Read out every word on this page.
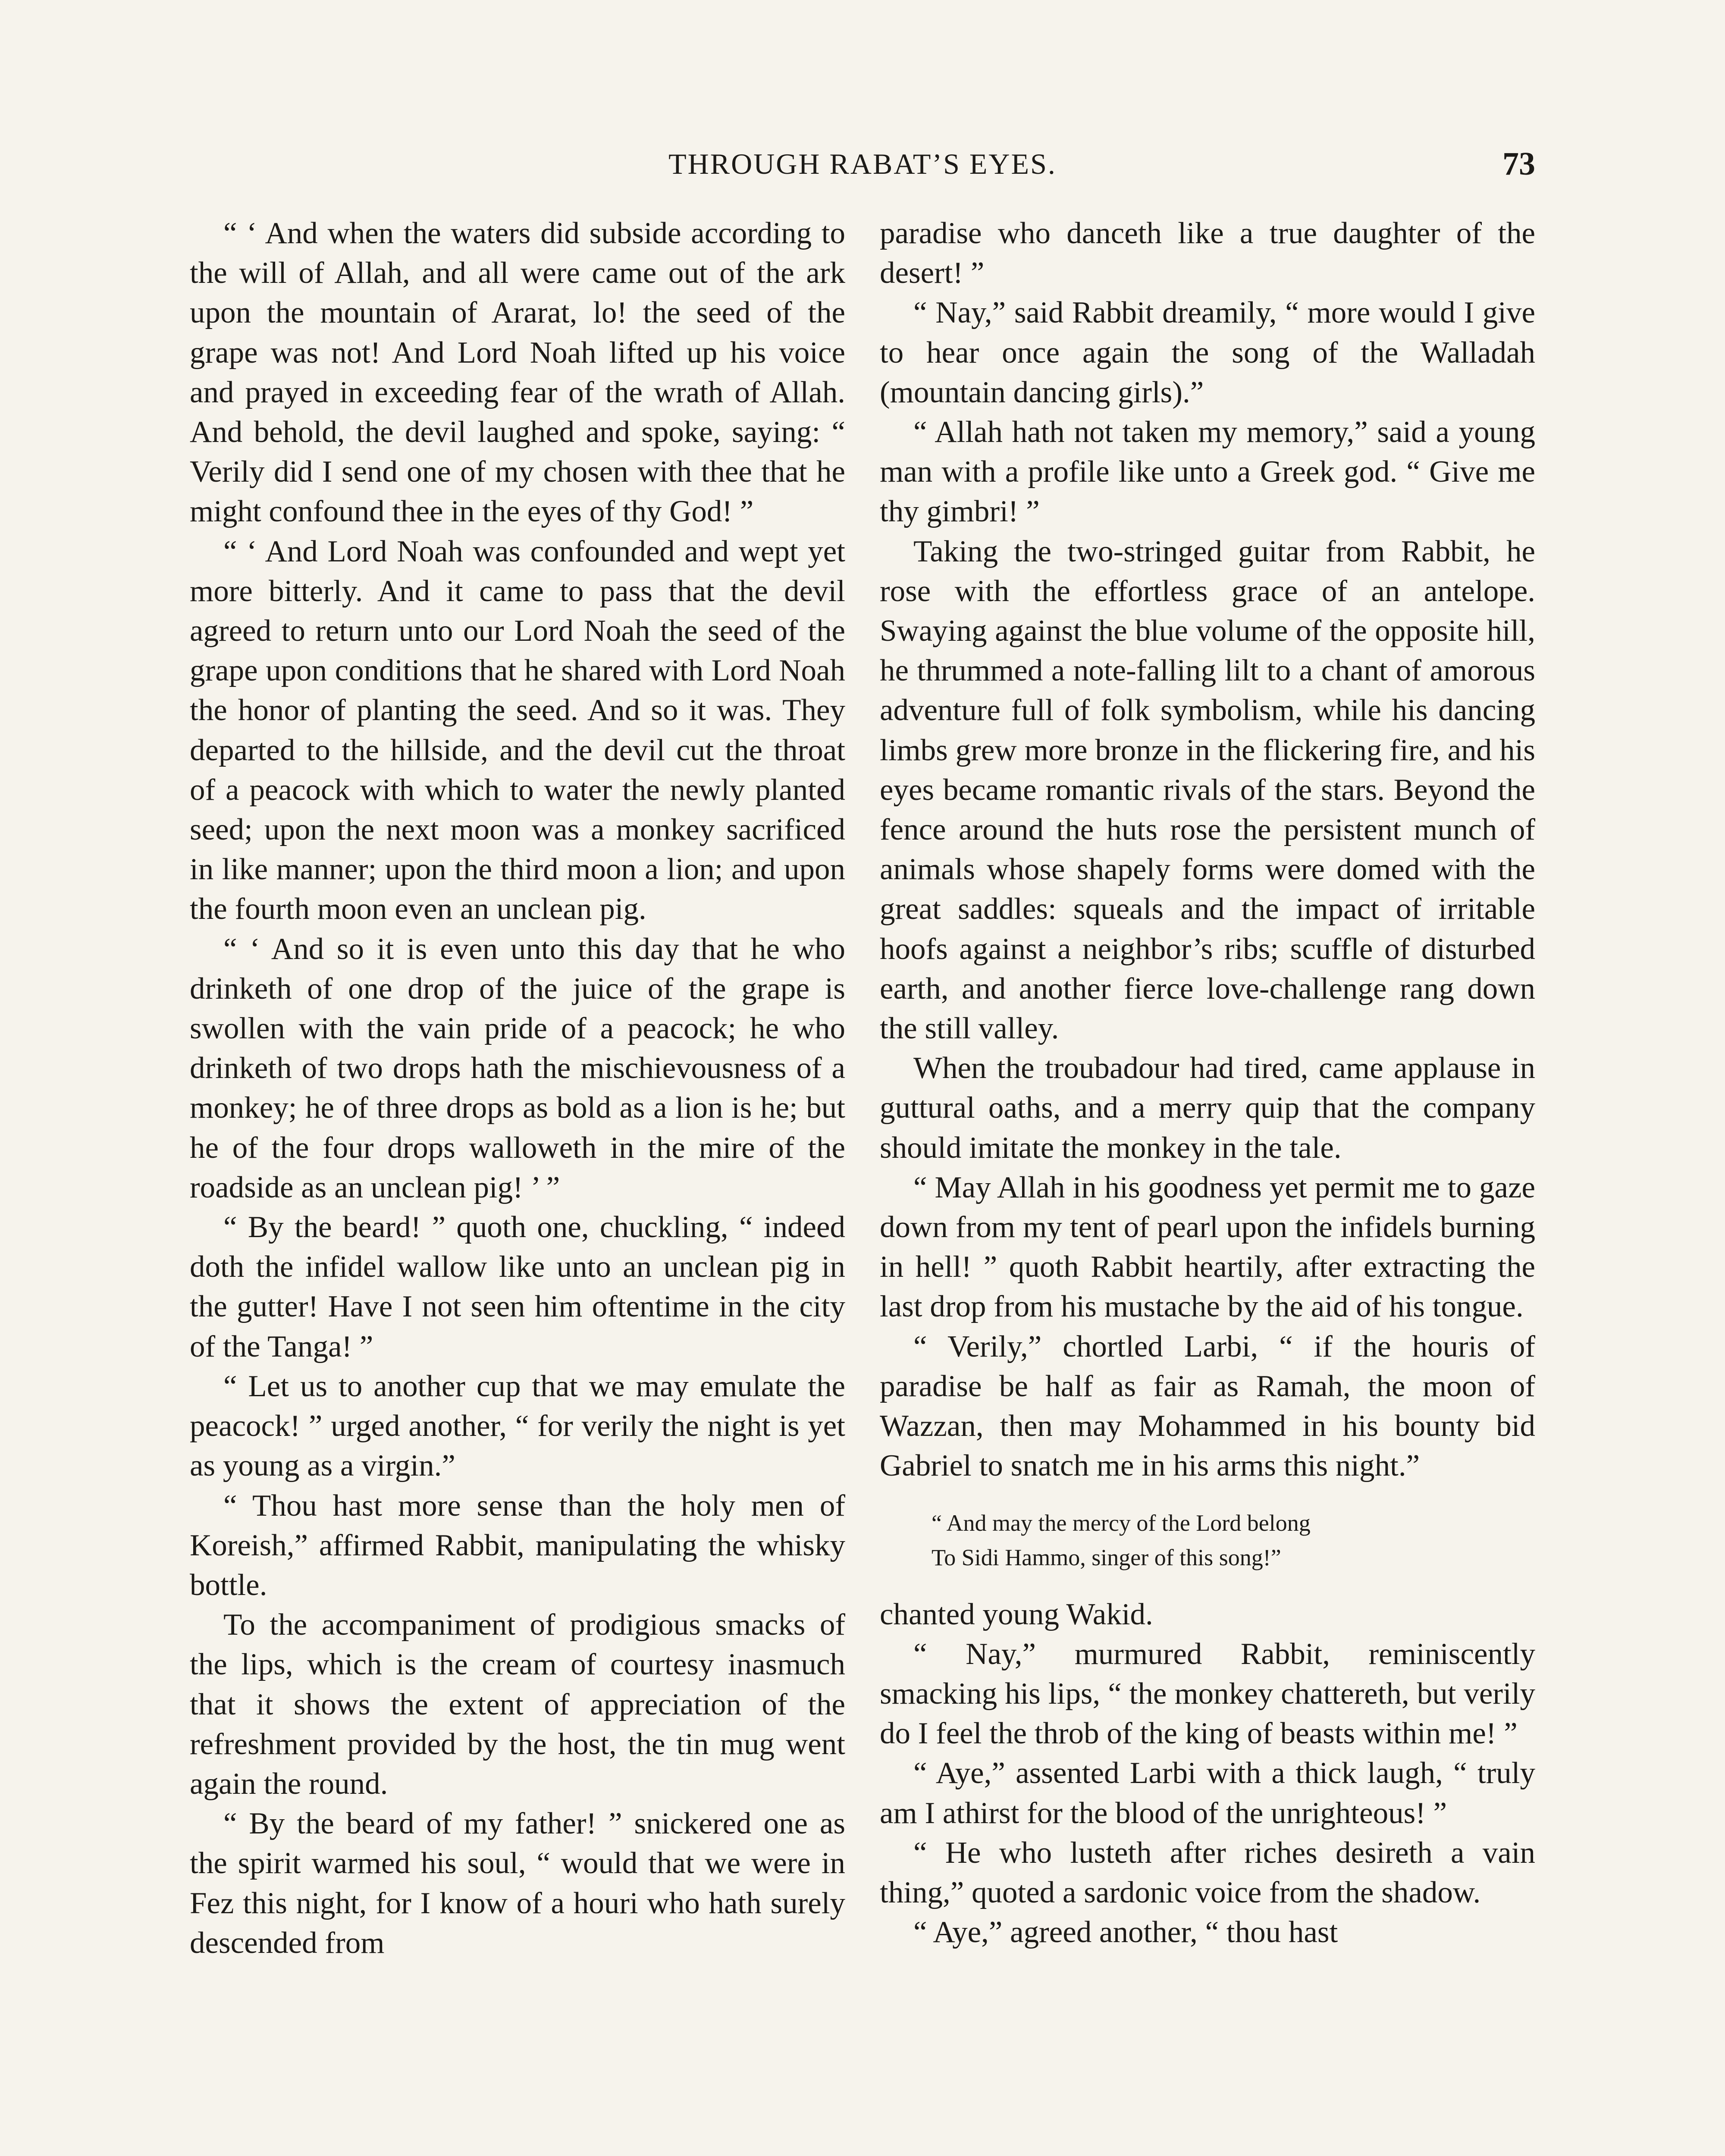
THROUGH RABAT’S EYES.	73

“ ‘ And when the waters did subside according to the will of Allah, and all were came out of the ark upon the mountain of Ararat, lo! the seed of the grape was not! And Lord Noah lifted up his voice and prayed in exceeding fear of the wrath of Allah. And behold, the devil laughed and spoke, saying: “ Verily did I send one of my chosen with thee that he might confound thee in the eyes of thy God! ”

“ ‘ And Lord Noah was confounded and wept yet more bitterly. And it came to pass that the devil agreed to return unto our Lord Noah the seed of the grape upon conditions that he shared with Lord Noah the honor of planting the seed. And so it was. They departed to the hillside, and the devil cut the throat of a peacock with which to water the newly planted seed; upon the next moon was a monkey sacrificed in like manner; upon the third moon a lion; and upon the fourth moon even an unclean pig.

“ ‘ And so it is even unto this day that he who drinketh of one drop of the juice of the grape is swollen with the vain pride of a peacock; he who drinketh of two drops hath the mischievousness of a monkey; he of three drops as bold as a lion is he; but he of the four drops walloweth in the mire of the roadside as an unclean pig! ’ ”

“ By the beard! ” quoth one, chuckling, “ indeed doth the infidel wallow like unto an unclean pig in the gutter! Have I not seen him oftentime in the city of the Tanga! ”

“ Let us to another cup that we may emulate the peacock! ” urged another, “ for verily the night is yet as young as a virgin.”

“ Thou hast more sense than the holy men of Koreish,” affirmed Rabbit, manipulating the whisky bottle.

To the accompaniment of prodigious smacks of the lips, which is the cream of courtesy inasmuch that it shows the extent of appreciation of the refreshment provided by the host, the tin mug went again the round.

“ By the beard of my father! ” snickered one as the spirit warmed his soul, “ would that we were in Fez this night, for I know of a houri who hath surely descended from

paradise who danceth like a true daughter of the desert! ”

“ Nay,” said Rabbit dreamily, “ more would I give to hear once again the song of the Walladah (mountain dancing girls).”

“ Allah hath not taken my memory,” said a young man with a profile like unto a Greek god. “ Give me thy gimbri! ”

Taking the two-stringed guitar from Rabbit, he rose with the effortless grace of an antelope. Swaying against the blue volume of the opposite hill, he thrummed a note-falling lilt to a chant of amorous adventure full of folk symbolism, while his dancing limbs grew more bronze in the flickering fire, and his eyes became romantic rivals of the stars. Beyond the fence around the huts rose the persistent munch of animals whose shapely forms were domed with the great saddles: squeals and the impact of irritable hoofs against a neighbor’s ribs; scuffle of disturbed earth, and another fierce love-challenge rang down the still valley.

When the troubadour had tired, came applause in guttural oaths, and a merry quip that the company should imitate the monkey in the tale.

“ May Allah in his goodness yet permit me to gaze down from my tent of pearl upon the infidels burning in hell! ” quoth Rabbit heartily, after extracting the last drop from his mustache by the aid of his tongue.

“ Verily,” chortled Larbi, “ if the houris of paradise be half as fair as Ramah, the moon of Wazzan, then may Mohammed in his bounty bid Gabriel to snatch me in his arms this night.”

“ And may the mercy of the Lord belong
To Sidi Hammo, singer of this song!”

chanted young Wakid.

“ Nay,” murmured Rabbit, reminiscently smacking his lips, “ the monkey chattereth, but verily do I feel the throb of the king of beasts within me! ”

“ Aye,” assented Larbi with a thick laugh, “ truly am I athirst for the blood of the unrighteous! ”

“ He who lusteth after riches desireth a vain thing,” quoted a sardonic voice from the shadow.

“ Aye,” agreed another, “ thou hast
